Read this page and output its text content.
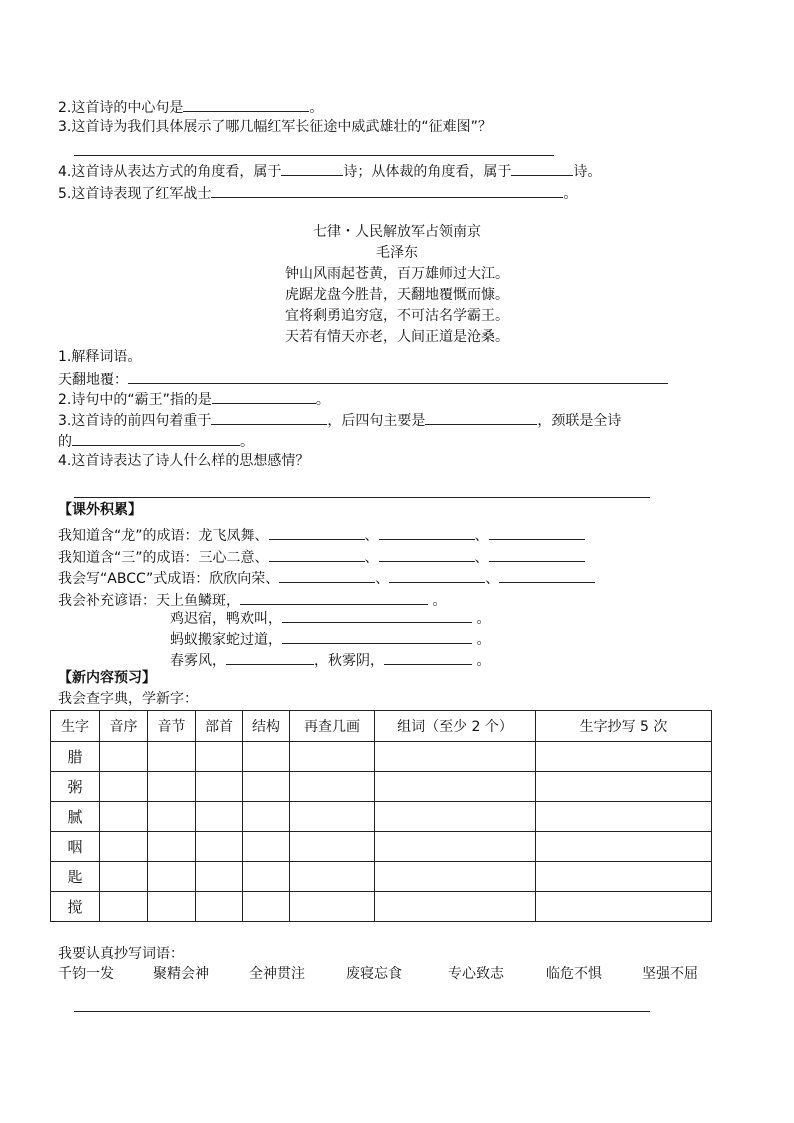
2.这首诗的中心句是	。
3.这首诗为我们具体展示了哪几幅红军长征途中威武雄壮的“征难图”？
4.这首诗从表达方式的角度看，属于	诗；从体裁的角度看，属于	诗。
5.这首诗表现了红军战士	。
七律・人民解放军占领南京
毛泽东
钟山风雨起苍黄，百万雄师过大江。
虎踞龙盘今胜昔，天翻地覆慨而慷。
宜将剩勇追穷寇，不可沽名学霸王。
天若有情天亦老，人间正道是沧桑。
1.解释词语。
天翻地覆：
2.诗句中的“霸王”指的是	。
3.这首诗的前四句着重于	，后四句主要是	，颈联是全诗
的	。
4.这首诗表达了诗人什么样的思想感情？
【课外积累】
我知道含“龙”的成语：龙飞凤舞、	、	、
我知道含“三”的成语：三心二意、	、	、
我会写“ABCC”式成语：欣欣向荣、	、	、
我会补充谚语：天上鱼鳞斑，	。
鸡迟宿，鸭欢叫，	。
蚂蚁搬家蛇过道，	。
春雾风，	，秋雾阴，	。
【新内容预习】
我会查字典，学新字：
生字	音序	音节	部首	结构	再查几画	组词（至少 2 个）	生字抄写 5 次
腊							
粥							
腻							
咽							
匙							
搅							
我要认真抄写词语：
千钧一发	聚精会神	全神贯注	废寝忘食	专心致志	临危不惧	坚强不屈
